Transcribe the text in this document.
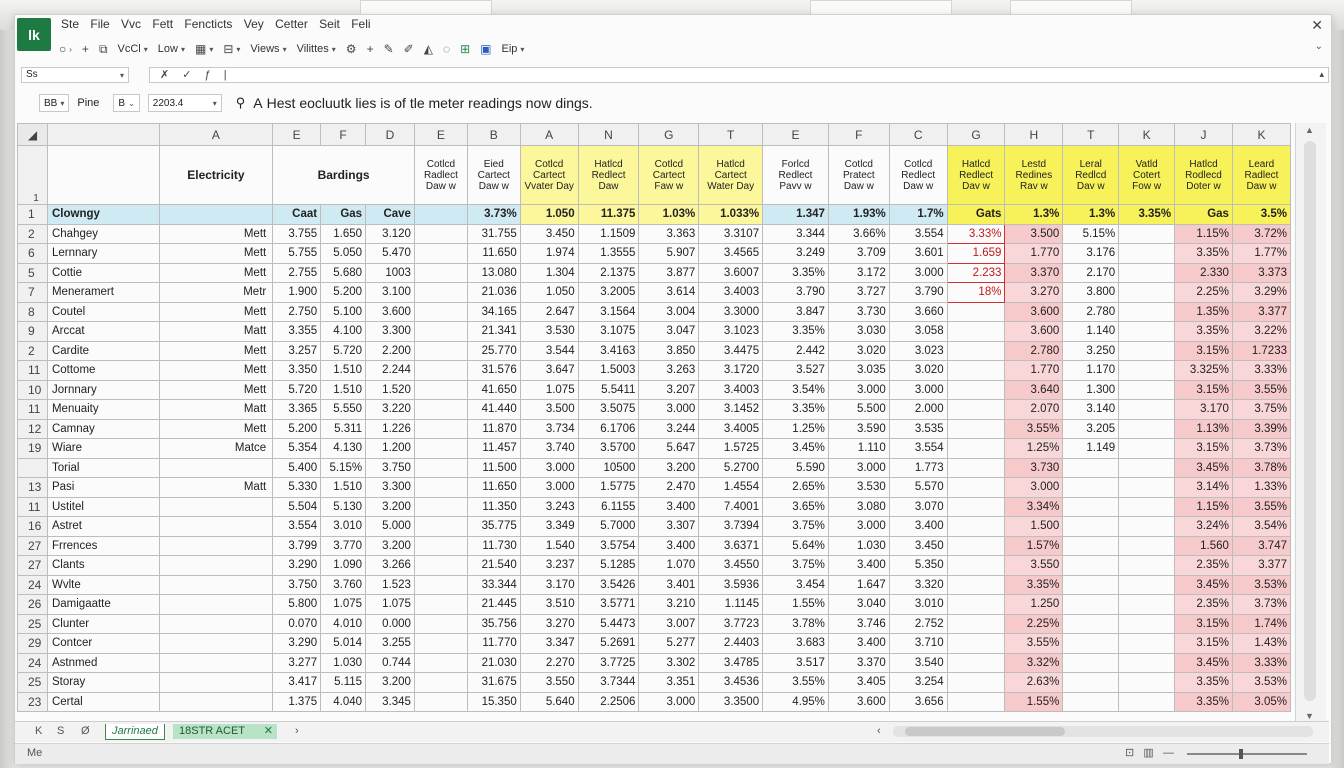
lk
Ste File Vvc Fett Fencticts Vey Cetter Seit Feli	✕
○ › + ⧉ VcCl ▾ Low ▾ ▦ ▾ ⊟ ▾ Views ▾ Vilittes ▾ ⚙ + ✎ ✐ ◭ ◌ ⊞ ▣ Eip ▾	⌄
Ss	▾	✗ ✓ ƒ |	▴
BB ▾ Pine B ⌄ 2203.4	▾ ⚲ A Hest eocluutk lies is of tle meter readings now dings.
◢		A	E	F	D	E	B	A	N	G	T	E	F	C	G	H	T	K	J	K
1		Electricity	Bardings			Cotlcd Radlect Daw w	Eied Cartect Daw w	Cotlcd Cartect Vvater Day	Hatlcd Redlect Daw	Cotlcd Cartect Faw w	Hatlcd Cartect Water Day	Forlcd Redlect Pavv w	Cotlcd Pratect Daw w	Cotlcd Redlect Daw w	Hatlcd Redlect Dav w	Lestd Redines Rav w	Leral Redlcd Dav w	Vatld Cotert Fow w	Hatlcd Rodlecd Doter w	Leard Radlect Daw w
1	Clowngy		Caat	Gas	Cave		3.73%	1.050	11.375	1.03%	1.033%	1.347	1.93%	1.7%	Gats	1.3%	1.3%	3.35%	Gas	3.5%
2	Chahgey	Mett	3.755	1.650	3.120		31.755	3.450	1.1509	3.363	3.3107	3.344	3.66%	3.554	3.33%	3.500	5.15%		1.15%	3.72%
6	Lernnary	Mett	5.755	5.050	5.470		11.650	1.974	1.3555	5.907	3.4565	3.249	3.709	3.601	1.659	1.770	3.176		3.35%	1.77%
5	Cottie	Mett	2.755	5.680	1003		13.080	1.304	2.1375	3.877	3.6007	3.35%	3.172	3.000	2.233	3.370	2.170		2.330	3.373
7	Meneramert	Metr	1.900	5.200	3.100		21.036	1.050	3.2005	3.614	3.4003	3.790	3.727	3.790	18%	3.270	3.800		2.25%	3.29%
8	Coutel	Mett	2.750	5.100	3.600		34.165	2.647	3.1564	3.004	3.3000	3.847	3.730	3.660		3.600	2.780		1.35%	3.377
9	Arccat	Matt	3.355	4.100	3.300		21.341	3.530	3.1075	3.047	3.1023	3.35%	3.030	3.058		3.600	1.140		3.35%	3.22%
2	Cardite	Mett	3.257	5.720	2.200		25.770	3.544	3.4163	3.850	3.4475	2.442	3.020	3.023		2.780	3.250		3.15%	1.7233
11	Cottome	Mett	3.350	1.510	2.244		31.576	3.647	1.5003	3.263	3.1720	3.527	3.035	3.020		1.770	1.170		3.325%	3.33%
10	Jornnary	Mett	5.720	1.510	1.520		41.650	1.075	5.5411	3.207	3.4003	3.54%	3.000	3.000		3.640	1.300		3.15%	3.55%
11	Menuaity	Matt	3.365	5.550	3.220		41.440	3.500	3.5075	3.000	3.1452	3.35%	5.500	2.000		2.070	3.140		3.170	3.75%
12	Camnay	Mett	5.200	5.311	1.226		11.870	3.734	6.1706	3.244	3.4005	1.25%	3.590	3.535		3.55%	3.205		1.13%	3.39%
19	Wiare	Matce	5.354	4.130	1.200		11.457	3.740	3.5700	5.647	1.5725	3.45%	1.110	3.554		1.25%	1.149		3.15%	3.73%
	Torial		5.400	5.15%	3.750		11.500	3.000	10500	3.200	5.2700	5.590	3.000	1.773		3.730			3.45%	3.78%
13	Pasi	Matt	5.330	1.510	3.300		11.650	3.000	1.5775	2.470	1.4554	2.65%	3.530	5.570		3.000			3.14%	1.33%
11	Ustitel		5.504	5.130	3.200		11.350	3.243	6.1155	3.400	7.4001	3.65%	3.080	3.070		3.34%			1.15%	3.55%
16	Astret		3.554	3.010	5.000		35.775	3.349	5.7000	3.307	3.7394	3.75%	3.000	3.400		1.500			3.24%	3.54%
27	Frrences		3.799	3.770	3.200		11.730	1.540	3.5754	3.400	3.6371	5.64%	1.030	3.450		1.57%			1.560	3.747
27	Clants		3.290	1.090	3.266		21.540	3.237	5.1285	1.070	3.4550	3.75%	3.400	5.350		3.550			2.35%	3.377
24	Wvlte		3.750	3.760	1.523		33.344	3.170	3.5426	3.401	3.5936	3.454	1.647	3.320		3.35%			3.45%	3.53%
26	Damigaatte		5.800	1.075	1.075		21.445	3.510	3.5771	3.210	1.1145	1.55%	3.040	3.010		1.250			2.35%	3.73%
25	Clunter		0.070	4.010	0.000		35.756	3.270	5.4473	3.007	3.7723	3.78%	3.746	2.752		2.25%			3.15%	1.74%
29	Contcer		3.290	5.014	3.255		11.770	3.347	5.2691	5.277	2.4403	3.683	3.400	3.710		3.55%			3.15%	1.43%
24	Astnmed		3.277	1.030	0.744		21.030	2.270	3.7725	3.302	3.4785	3.517	3.370	3.540		3.32%			3.45%	3.33%
25	Storay		3.417	5.115	3.200		31.675	3.550	3.7344	3.351	3.4536	3.55%	3.405	3.254		2.63%			3.35%	3.53%
23	Certal		1.375	4.040	3.345		15.350	5.640	2.2506	3.000	3.3500	4.95%	3.600	3.656		1.55%			3.35%	3.05%
▲
▼
K S Ø	Jarrinaed	18STR ACET ✕ ›	‹
Me	⊡   ▥   ―
